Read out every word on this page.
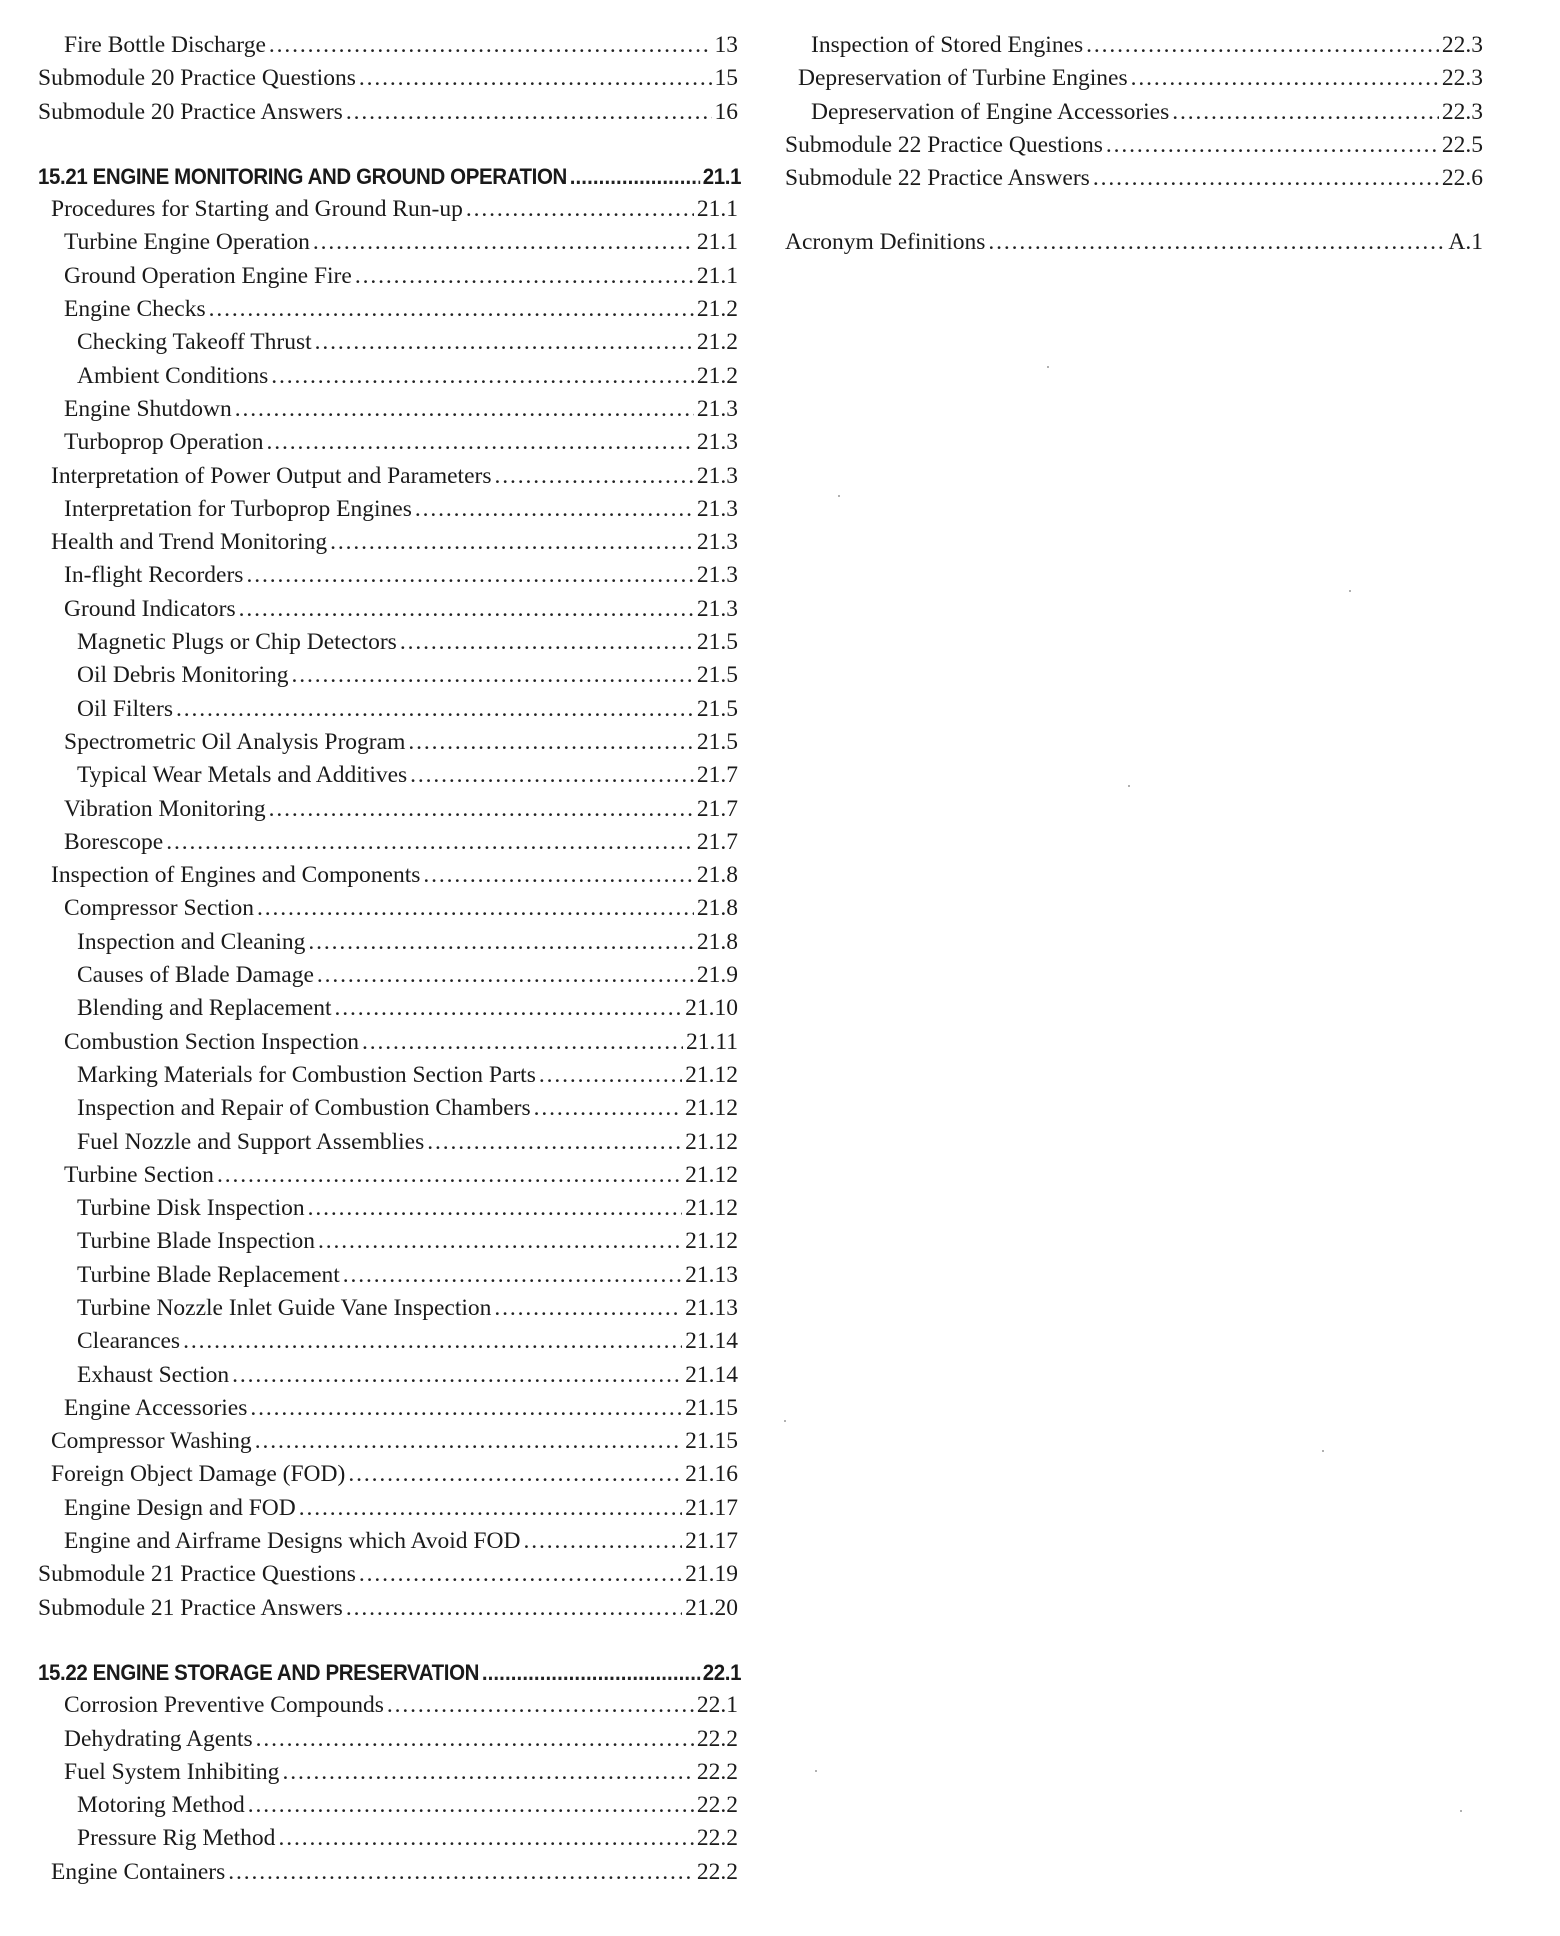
Fire Bottle Discharge . . .	13
Submodule 20 Practice Questions . . .	15
Submodule 20 Practice Answers . . .	16
15.21 ENGINE MONITORING AND GROUND OPERATION . . .	21.1
Procedures for Starting and Ground Run-up . . .	21.1
Turbine Engine Operation . . .	21.1
Ground Operation Engine Fire . . .	21.1
Engine Checks . . .	21.2
Checking Takeoff Thrust . . .	21.2
Ambient Conditions . . .	21.2
Engine Shutdown . . .	21.3
Turboprop Operation . . .	21.3
Interpretation of Power Output and Parameters . . .	21.3
Interpretation for Turboprop Engines . . .	21.3
Health and Trend Monitoring . . .	21.3
In-flight Recorders . . .	21.3
Ground Indicators . . .	21.3
Magnetic Plugs or Chip Detectors . . .	21.5
Oil Debris Monitoring . . .	21.5
Oil Filters . . .	21.5
Spectrometric Oil Analysis Program . . .	21.5
Typical Wear Metals and Additives . . .	21.7
Vibration Monitoring . . .	21.7
Borescope . . .	21.7
Inspection of Engines and Components . . .	21.8
Compressor Section . . .	21.8
Inspection and Cleaning . . .	21.8
Causes of Blade Damage . . .	21.9
Blending and Replacement . . .	21.10
Combustion Section Inspection . . .	21.11
Marking Materials for Combustion Section Parts . . .	21.12
Inspection and Repair of Combustion Chambers . . .	21.12
Fuel Nozzle and Support Assemblies . . .	21.12
Turbine Section . . .	21.12
Turbine Disk Inspection . . .	21.12
Turbine Blade Inspection . . .	21.12
Turbine Blade Replacement . . .	21.13
Turbine Nozzle Inlet Guide Vane Inspection . . .	21.13
Clearances . . .	21.14
Exhaust Section . . .	21.14
Engine Accessories . . .	21.15
Compressor Washing . . .	21.15
Foreign Object Damage (FOD) . . .	21.16
Engine Design and FOD . . .	21.17
Engine and Airframe Designs which Avoid FOD . . .	21.17
Submodule 21 Practice Questions . . .	21.19
Submodule 21 Practice Answers . . .	21.20
15.22 ENGINE STORAGE AND PRESERVATION . . .	22.1
Corrosion Preventive Compounds . . .	22.1
Dehydrating Agents . . .	22.2
Fuel System Inhibiting . . .	22.2
Motoring Method . . .	22.2
Pressure Rig Method . . .	22.2
Engine Containers . . .	22.2
Inspection of Stored Engines . . .	22.3
Depreservation of Turbine Engines . . .	22.3
Depreservation of Engine Accessories . . .	22.3
Submodule 22 Practice Questions . . .	22.5
Submodule 22 Practice Answers . . .	22.6
Acronym Definitions . . .	A.1
